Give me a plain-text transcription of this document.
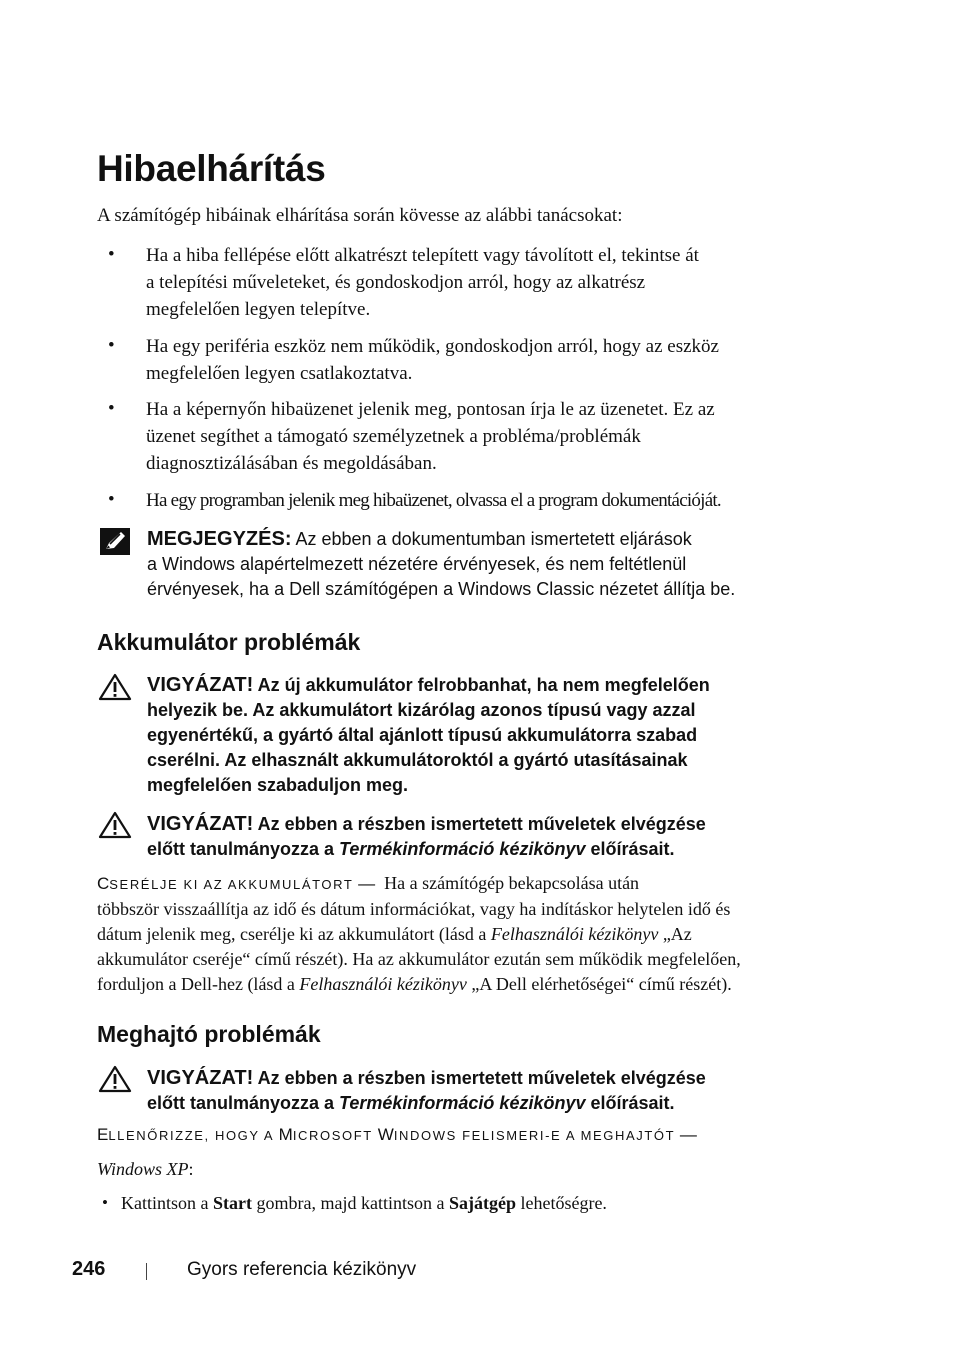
Hibaelhárítás
A számítógép hibáinak elhárítása során kövesse az alábbi tanácsokat:
• Ha a hiba fellépése előtt alkatrészt telepített vagy távolított el, tekintse át
a telepítési műveleteket, és gondoskodjon arról, hogy az alkatrész
megfelelően legyen telepítve.
• Ha egy periféria eszköz nem működik, gondoskodjon arról, hogy az eszköz
megfelelően legyen csatlakoztatva.
• Ha a képernyőn hibaüzenet jelenik meg, pontosan írja le az üzenetet. Ez az
üzenet segíthet a támogató személyzetnek a probléma/problémák
diagnosztizálásában és megoldásában.
• Ha egy programban jelenik meg hibaüzenet, olvassa el a program dokumentációját.
MEGJEGYZÉS: Az ebben a dokumentumban ismertetett eljárások
a Windows alapértelmezett nézetére érvényesek, és nem feltétlenül
érvényesek, ha a Dell számítógépen a Windows Classic nézetet állítja be.
Akkumulátor problémák
VIGYÁZAT! Az új akkumulátor felrobbanhat, ha nem megfelelően
helyezik be. Az akkumulátort kizárólag azonos típusú vagy azzal
egyenértékű, a gyártó által ajánlott típusú akkumulátorra szabad
cserélni. Az elhasznált akkumulátoroktól a gyártó utasításainak
megfelelően szabaduljon meg.
VIGYÁZAT! Az ebben a részben ismertetett műveletek elvégzése
előtt tanulmányozza a Termékinformáció kézikönyv előírásait.
CSERÉLJE KI AZ AKKUMULÁTORT —  Ha a számítógép bekapcsolása után
többször visszaállítja az idő és dátum információkat, vagy ha indításkor helytelen idő és
dátum jelenik meg, cserélje ki az akkumulátort (lásd a Felhasználói kézikönyv „Az
akkumulátor cseréje“ című részét). Ha az akkumulátor ezután sem működik megfelelően,
forduljon a Dell-hez (lásd a Felhasználói kézikönyv „A Dell elérhetőségei“ című részét).
Meghajtó problémák
VIGYÁZAT! Az ebben a részben ismertetett műveletek elvégzése
előtt tanulmányozza a Termékinformáció kézikönyv előírásait.
ELLENŐRIZZE, HOGY A MICROSOFT WINDOWS FELISMERI-E A MEGHAJTÓT —
Windows XP:
• Kattintson a Start gombra, majd kattintson a Sajátgép lehetőségre.
246	Gyors referencia kézikönyv
